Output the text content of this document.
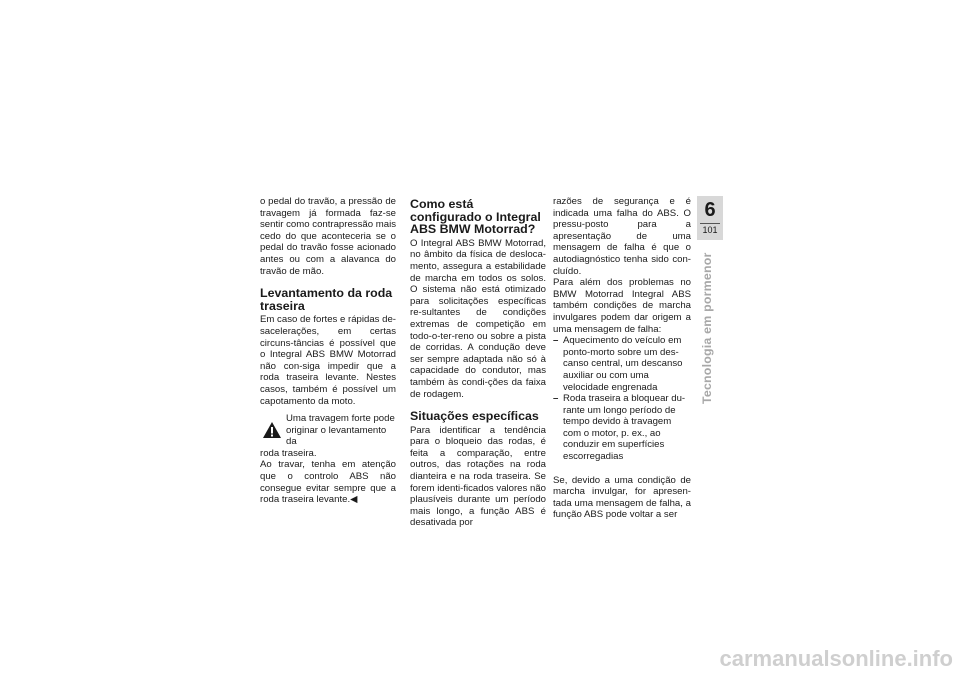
o pedal do travão, a pressão de travagem já formada faz-se sentir como contrapressão mais cedo do que aconteceria se o pedal do travão fosse acionado antes ou com a alavanca do travão de mão.

Levantamento da roda traseira

Em caso de fortes e rápidas de-sacelerações, em certas circuns-tâncias é possível que o Integral ABS BMW Motorrad não con-siga impedir que a roda traseira levante. Nestes casos, também é possível um capotamento da moto.

Uma travagem forte pode
originar o levantamento da
roda traseira.

Ao travar, tenha em atenção que o controlo ABS não consegue evitar sempre que a roda traseira levante.◀

Como está configurado o Integral ABS BMW Motorrad?

O Integral ABS BMW Motorrad, no âmbito da física de desloca-mento, assegura a estabilidade de marcha em todos os solos. O sistema não está otimizado para solicitações específicas re-sultantes de condições extremas de competição em todo-o-ter-reno ou sobre a pista de corridas. A condução deve ser sempre adaptada não só à capacidade do condutor, mas também às condi-ções da faixa de rodagem.

Situações específicas

Para identificar a tendência para o bloqueio das rodas, é feita a comparação, entre outros, das rotações na roda dianteira e na roda traseira. Se forem identi-ficados valores não plausíveis durante um período mais longo, a função ABS é desativada por

razões de segurança e é indicada uma falha do ABS. O pressu-posto para a apresentação de uma mensagem de falha é que o autodiagnóstico tenha sido con-cluído.

Para além dos problemas no BMW Motorrad Integral ABS também condições de marcha invulgares podem dar origem a uma mensagem de falha:

– Aquecimento do veículo em ponto-morto sobre um des-canso central, um descanso auxiliar ou com uma velocidade engrenada
– Roda traseira a bloquear du-rante um longo período de tempo devido à travagem com o motor, p. ex., ao conduzir em superfícies escorregadias

Se, devido a uma condição de marcha invulgar, for apresen-tada uma mensagem de falha, a função ABS pode voltar a ser

6
101
Tecnologia em pormenor
carmanualsonline.info
